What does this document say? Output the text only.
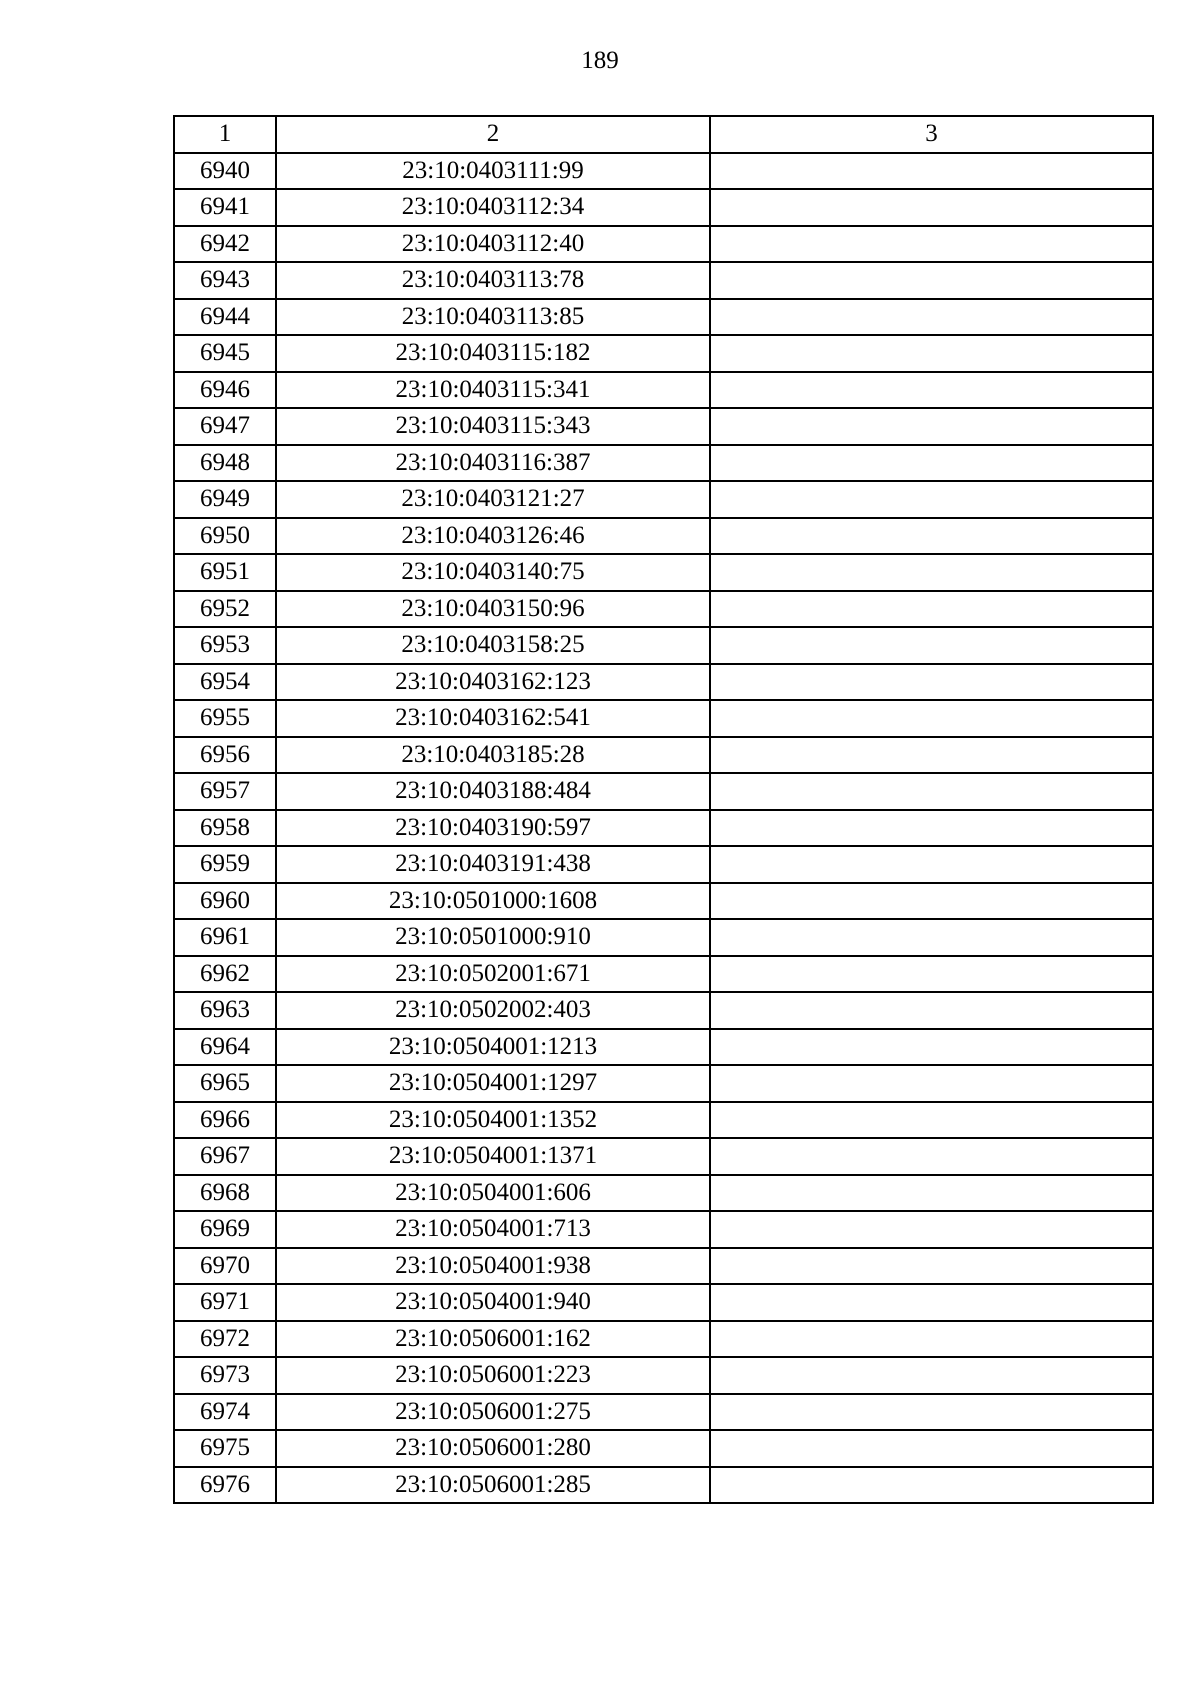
189
1	2	3
6940	23:10:0403111:99	
6941	23:10:0403112:34	
6942	23:10:0403112:40	
6943	23:10:0403113:78	
6944	23:10:0403113:85	
6945	23:10:0403115:182	
6946	23:10:0403115:341	
6947	23:10:0403115:343	
6948	23:10:0403116:387	
6949	23:10:0403121:27	
6950	23:10:0403126:46	
6951	23:10:0403140:75	
6952	23:10:0403150:96	
6953	23:10:0403158:25	
6954	23:10:0403162:123	
6955	23:10:0403162:541	
6956	23:10:0403185:28	
6957	23:10:0403188:484	
6958	23:10:0403190:597	
6959	23:10:0403191:438	
6960	23:10:0501000:1608	
6961	23:10:0501000:910	
6962	23:10:0502001:671	
6963	23:10:0502002:403	
6964	23:10:0504001:1213	
6965	23:10:0504001:1297	
6966	23:10:0504001:1352	
6967	23:10:0504001:1371	
6968	23:10:0504001:606	
6969	23:10:0504001:713	
6970	23:10:0504001:938	
6971	23:10:0504001:940	
6972	23:10:0506001:162	
6973	23:10:0506001:223	
6974	23:10:0506001:275	
6975	23:10:0506001:280	
6976	23:10:0506001:285	
